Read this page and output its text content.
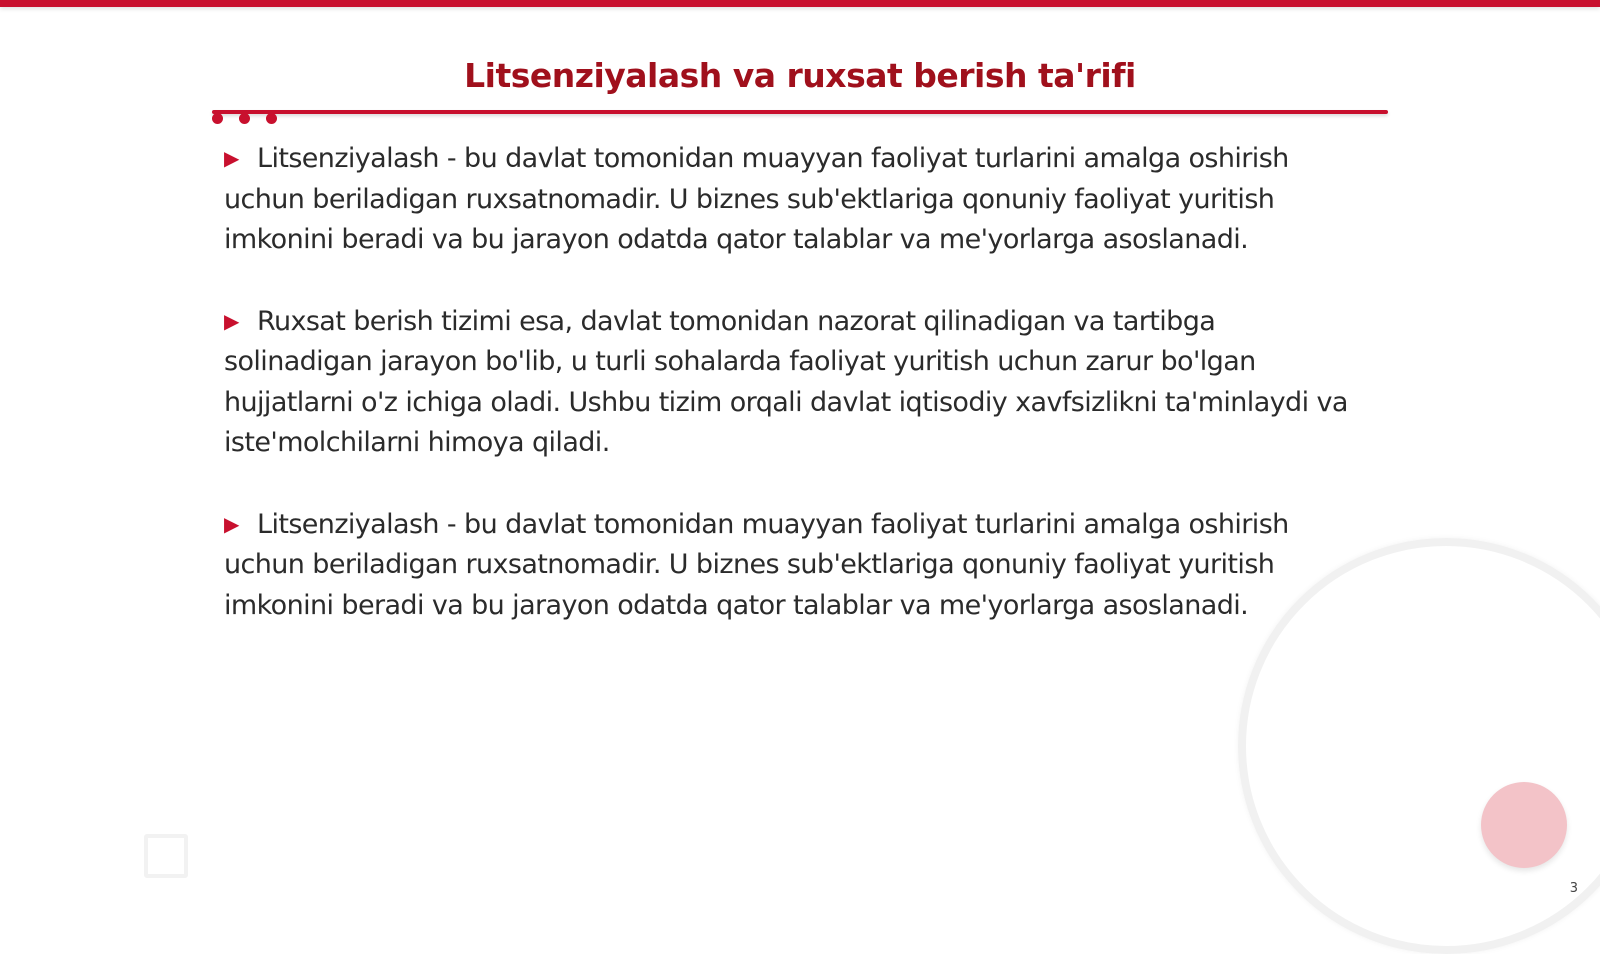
Litsenziyalash va ruxsat berish ta'rifi

▶ Litsenziyalash - bu davlat tomonidan muayyan faoliyat turlarini amalga oshirish uchun beriladigan ruxsatnomadir. U biznes sub'ektlariga qonuniy faoliyat yuritish imkonini beradi va bu jarayon odatda qator talablar va me'yorlarga asoslanadi.

▶ Ruxsat berish tizimi esa, davlat tomonidan nazorat qilinadigan va tartibga solinadigan jarayon bo'lib, u turli sohalarda faoliyat yuritish uchun zarur bo'lgan hujjatlarni o'z ichiga oladi. Ushbu tizim orqali davlat iqtisodiy xavfsizlikni ta'minlaydi va iste'molchilarni himoya qiladi.

▶ Litsenziyalash - bu davlat tomonidan muayyan faoliyat turlarini amalga oshirish uchun beriladigan ruxsatnomadir. U biznes sub'ektlariga qonuniy faoliyat yuritish imkonini beradi va bu jarayon odatda qator talablar va me'yorlarga asoslanadi.

3
